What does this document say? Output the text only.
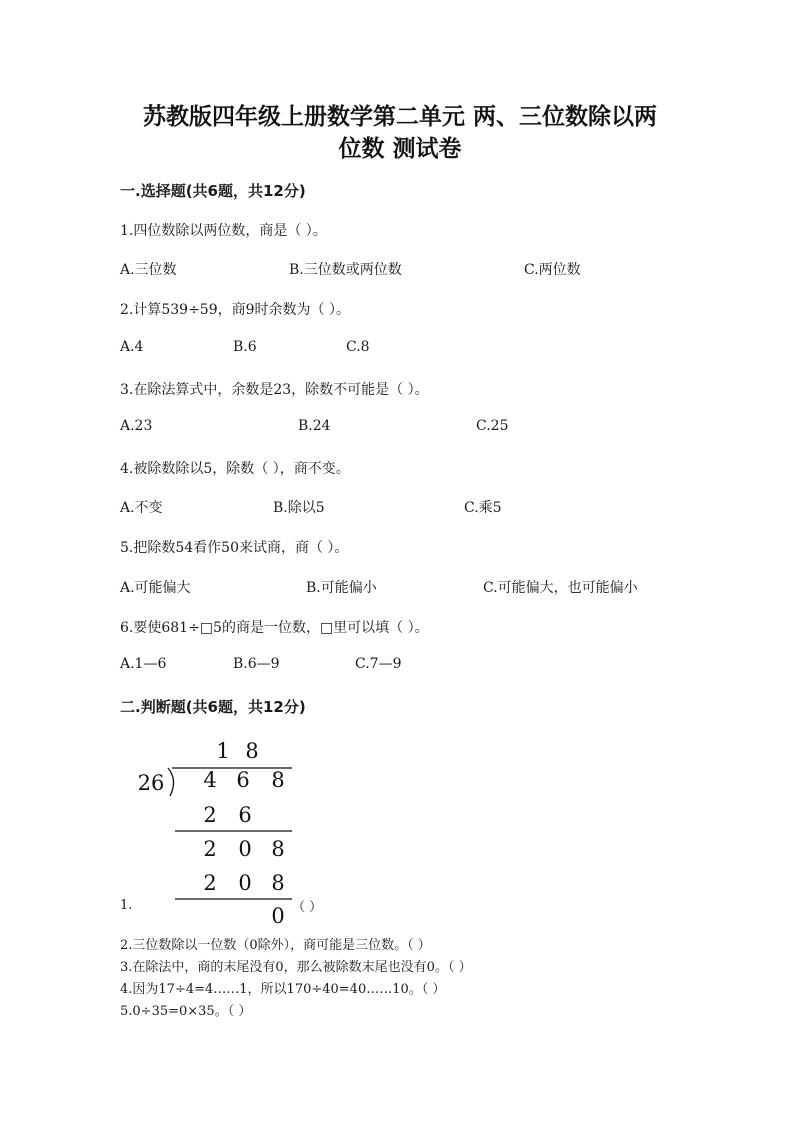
苏教版四年级上册数学第二单元 两、三位数除以两
位数 测试卷
一.选择题(共6题，共12分)
1.四位数除以两位数，商是（ ）。
A.三位数	B.三位数或两位数	C.两位数
2.计算539÷59，商9时余数为（ ）。
A.4	B.6	C.8
3.在除法算式中，余数是23，除数不可能是（ ）。
A.23	B.24	C.25
4.被除数除以5，除数（ ），商不变。
A.不变	B.除以5	C.乘5
5.把除数54看作50来试商，商（ ）。
A.可能偏大	B.可能偏小	C.可能偏大，也可能偏小
6.要使681÷□5的商是一位数，□里可以填（ ）。
A.1—6	B.6—9	C.7—9
二.判断题(共6题，共12分)
1 8
26 4 6 8
2 6
2 0 8
2 0 8
0
1.	（ ）
2.三位数除以一位数（0除外），商可能是三位数。（ ）
3.在除法中，商的末尾没有0，那么被除数末尾也没有0。（ ）
4.因为17÷4=4……1，所以170÷40=40……10。（ ）
5.0÷35=0×35。（ ）
